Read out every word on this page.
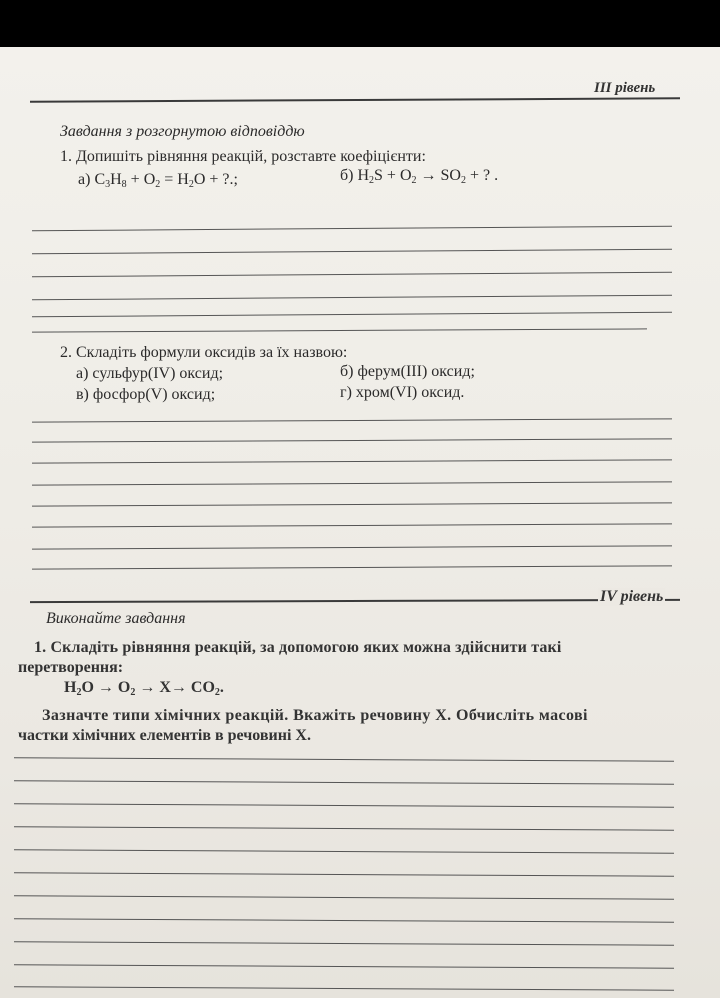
III рівень
Завдання з розгорнутою відповіддю
1. Допишіть рівняння реакцій, розставте коефіцієнти:
а) $C_3H_8 + O_2 = H_2O$ + ?.;	б) $H_2S + O_2 \to SO_2$ + ? .
2. Складіть формули оксидів за їх назвою:
а) сульфур(IV) оксид;	б) ферум(III) оксид;
в) фосфор(V) оксид;	г) хром(VI) оксид.
IV рівень
Виконайте завдання
1. Складіть рівняння реакцій, за допомогою яких можна здійснити такі
перетворення:
$H_2O \to O_2 \to X\to CO_2$.
Зазначте типи хімічних реакцій. Вкажіть речовину X. Обчисліть масові
частки хімічних елементів в речовині X.
